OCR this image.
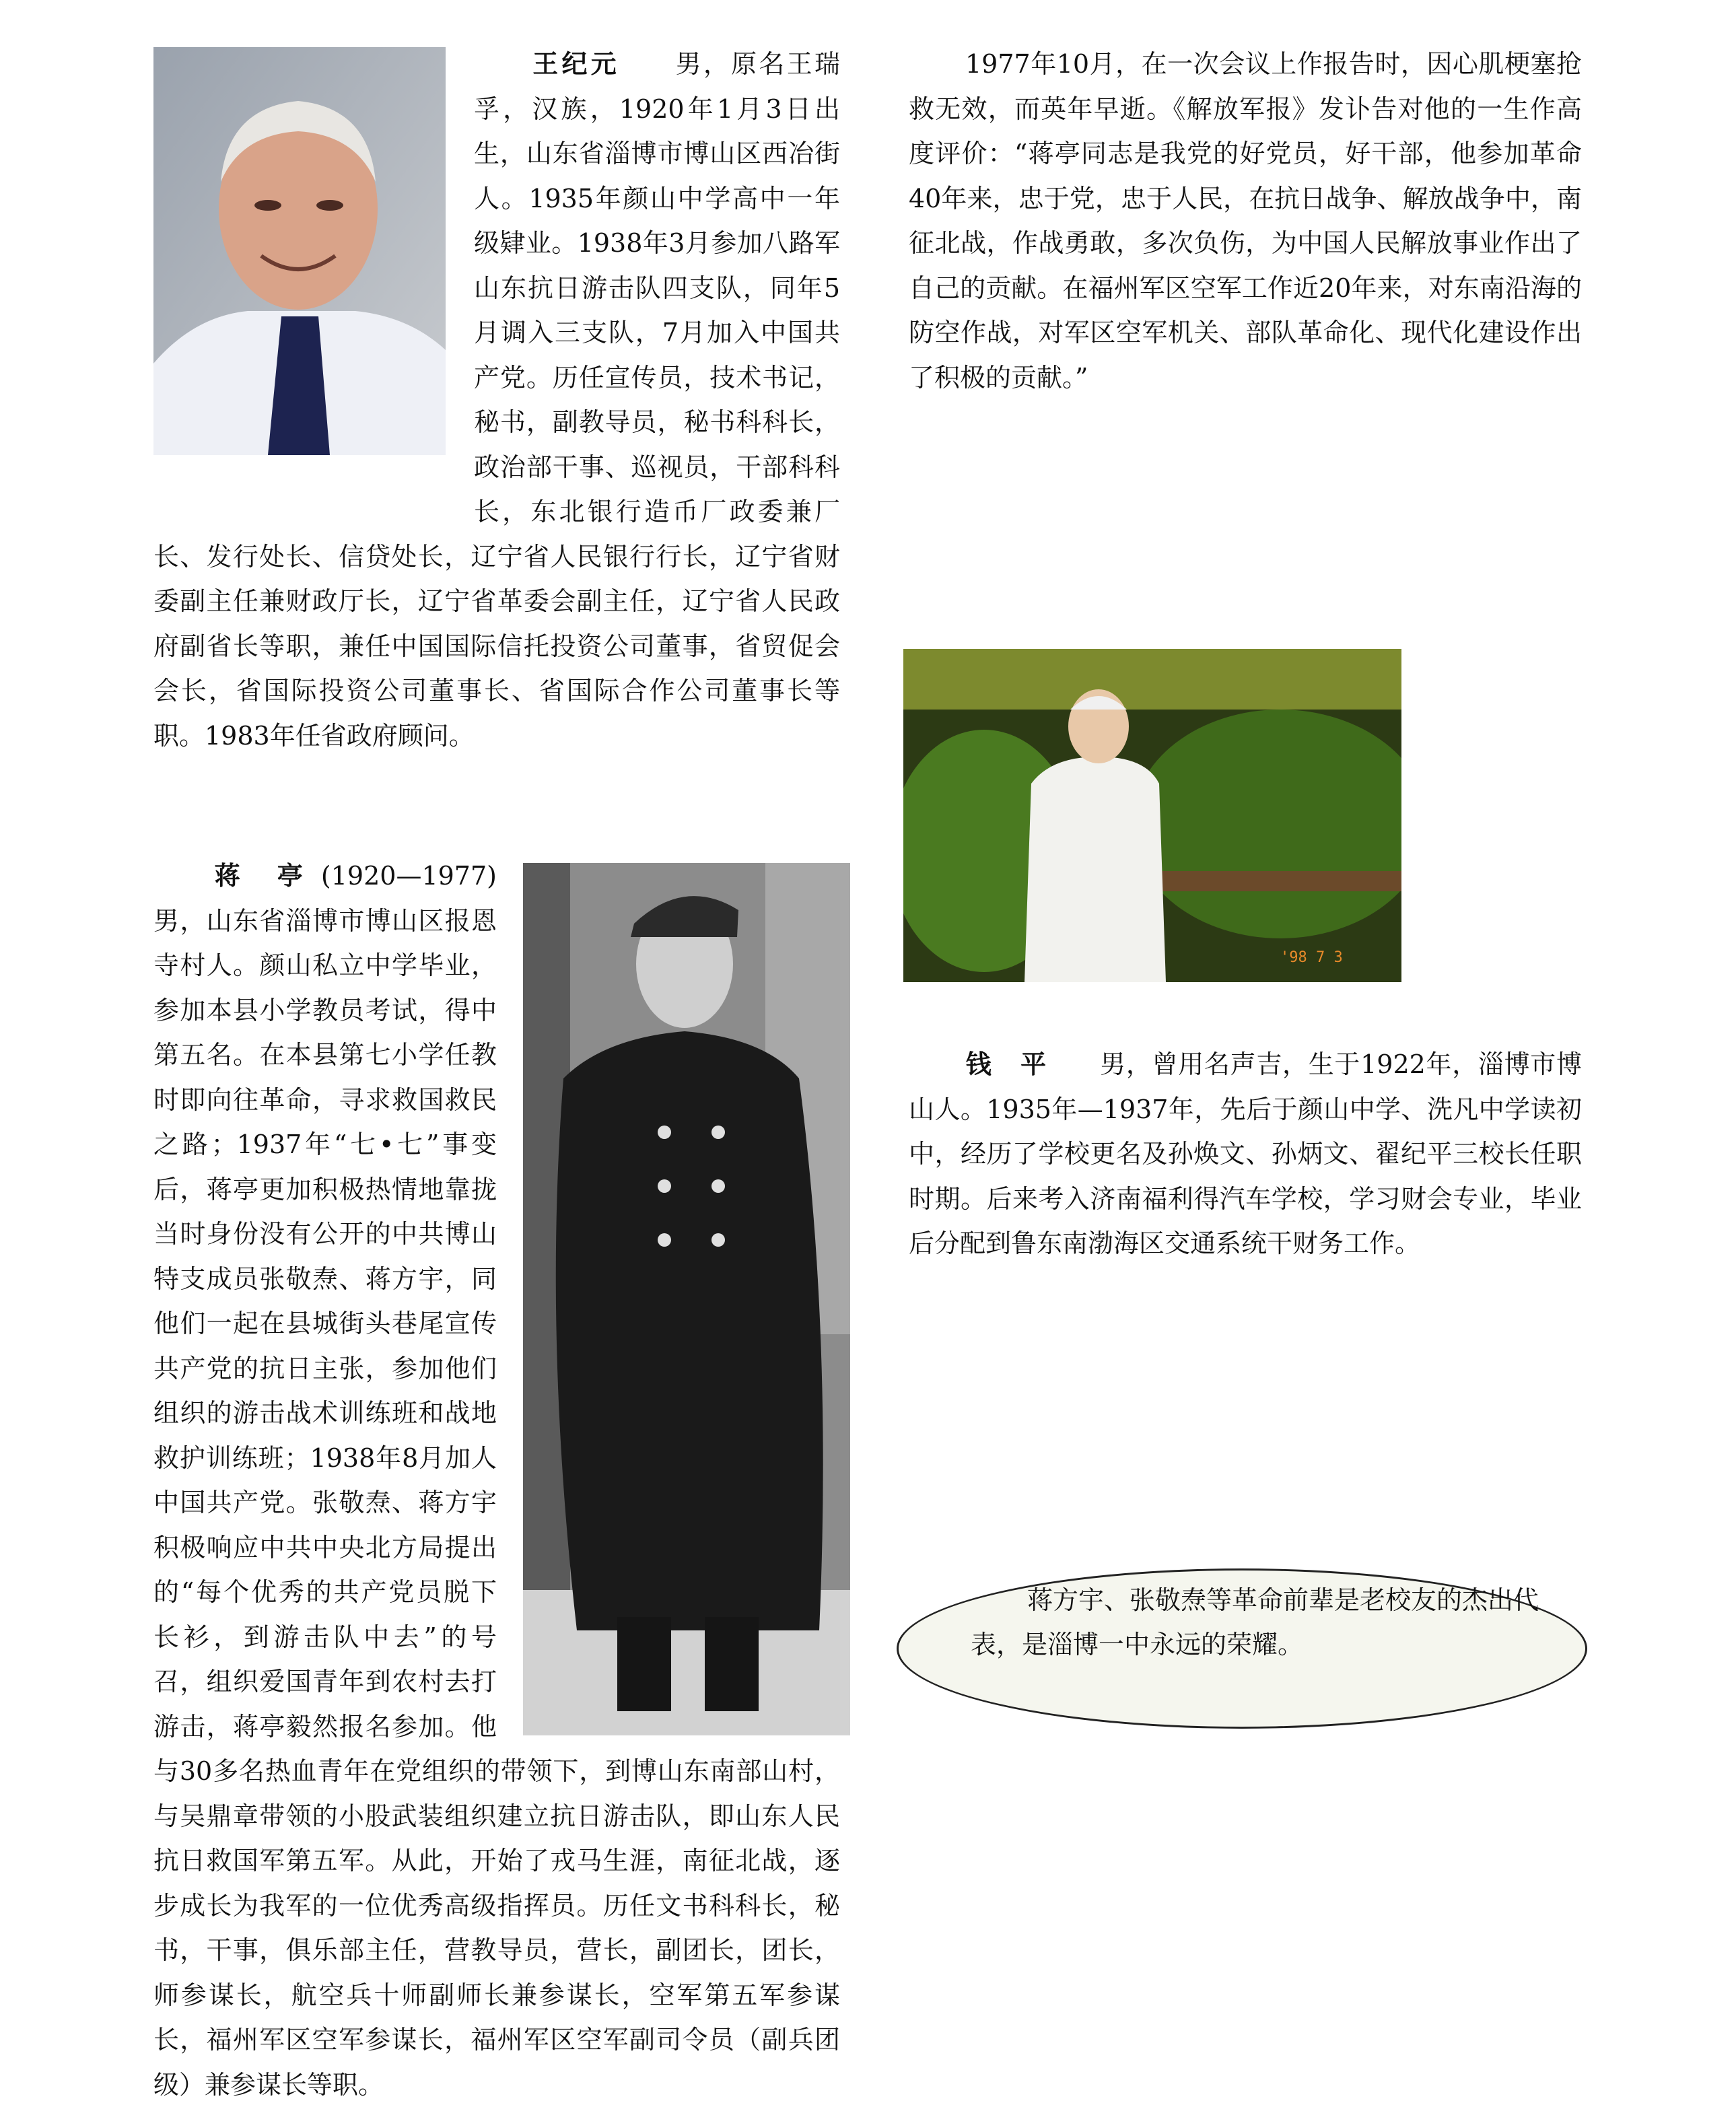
王纪元　　 男，原名王瑞孚，汉族，1920年1月3日出生，山东省淄博市博山区西冶街人。1935年颜山中学高中一年级肄业。1938年3月参加八路军山东抗日游击队四支队，同年5月调入三支队，7月加入中国共产党。历任宣传员，技术书记，秘书，副教导员，秘书科科长，政治部干事、巡视员，干部科科长，东北银行造币厂政委兼厂长、发行处长、信贷处长，辽宁省人民银行行长，辽宁省财委副主任兼财政厅长，辽宁省革委会副主任，辽宁省人民政府副省长等职，兼任中国国际信托投资公司董事，省贸促会会长，省国际投资公司董事长、省国际合作公司董事长等职。1983年任省政府顾问。
蒋　亭 (1920—1977) 男，山东省淄博市博山区报恩寺村人。颜山私立中学毕业，参加本县小学教员考试，得中第五名。在本县第七小学任教时即向往革命，寻求救国救民之路；1937年“七•七”事变后，蒋亭更加积极热情地靠拢当时身份没有公开的中共博山特支成员张敬焘、蒋方宇，同他们一起在县城街头巷尾宣传共产党的抗日主张，参加他们组织的游击战术训练班和战地救护训练班；1938年8月加人中国共产党。张敬焘、蒋方宇积极响应中共中央北方局提出的“每个优秀的共产党员脱下长衫，到游击队中去”的号召，组织爱国青年到农村去打游击，蒋亭毅然报名参加。他与30多名热血青年在党组织的带领下，到博山东南部山村，与吴鼎章带领的小股武装组织建立抗日游击队，即山东人民抗日救国军第五军。从此，开始了戎马生涯，南征北战，逐步成长为我军的一位优秀高级指挥员。历任文书科科长，秘书，干事，俱乐部主任，营教导员，营长，副团长，团长，师参谋长，航空兵十师副师长兼参谋长，空军第五军参谋长，福州军区空军参谋长，福州军区空军副司令员（副兵团级）兼参谋长等职。
1977年10月，在一次会议上作报告时，因心肌梗塞抢救无效，而英年早逝。《解放军报》发讣告对他的一生作高度评价：“蒋亭同志是我党的好党员，好干部，他参加革命40年来，忠于党，忠于人民，在抗日战争、解放战争中，南征北战，作战勇敢，多次负伤，为中国人民解放事业作出了自己的贡献。在福州军区空军工作近20年来，对东南沿海的防空作战，对军区空军机关、部队革命化、现代化建设作出了积极的贡献。”
'98 7 3
钱　平　　 男，曾用名声吉，生于1922年，淄博市博山人。1935年—1937年，先后于颜山中学、洗凡中学读初中，经历了学校更名及孙焕文、孙炳文、翟纪平三校长任职时期。后来考入济南福利得汽车学校，学习财会专业，毕业后分配到鲁东南渤海区交通系统干财务工作。
蒋方宇、张敬焘等革命前辈是老校友的杰出代表，是淄博一中永远的荣耀。
